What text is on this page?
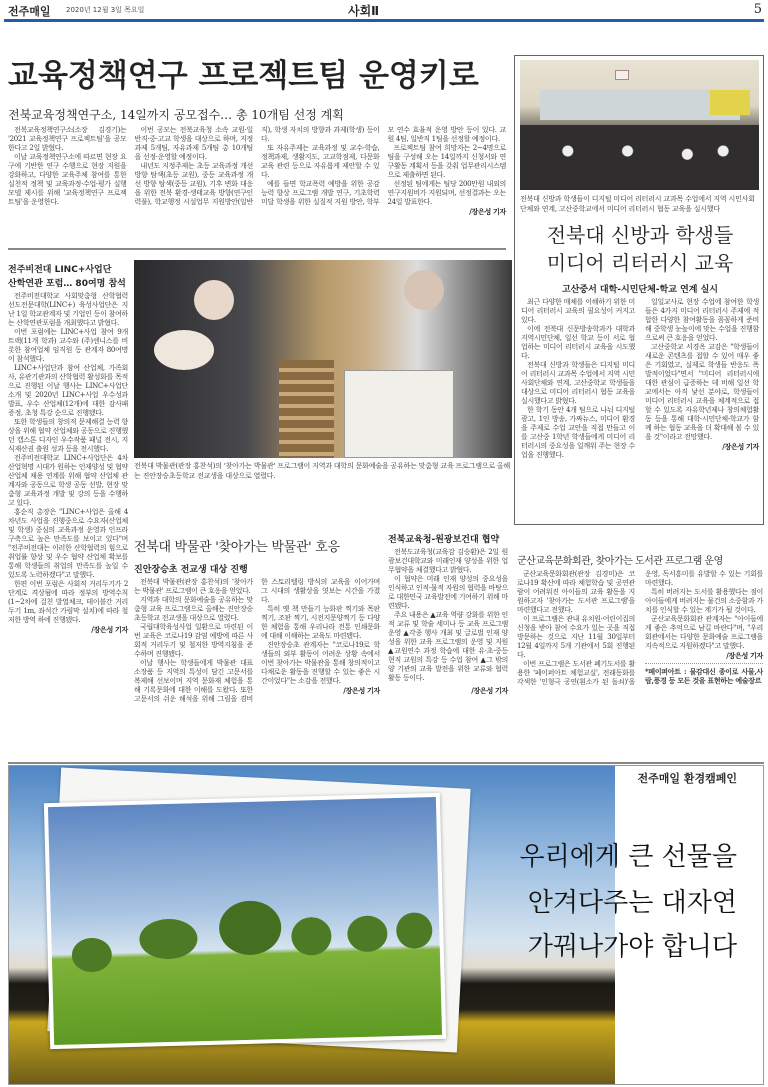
전주매일 2020년 12월 3일 목요일	사회Ⅱ	5
교육정책연구 프로젝트팀 운영키로
전북교육정책연구소, 14일까지 공모접수… 총 10개팀 선정 계획

전북교육정책연구소(소장 김경기)는 '2021 교육정책연구 프로젝트팀'을 공모한다고 2일 밝혔다.

이날 교육정책연구소에 따르면 현장 요구에 기반한 연구 수행으로 현장 지원을 강화하고, 다양한 교육주체 참여를 통한 실천적 정책 및 교육과정·수업·평가 실행 모델 제시를 위해 '교육정책연구 프로젝트팀'을 운영한다.

이번 공모는 전북교육청 소속 교원·일반직·중·고교 학생을 대상으로 하며, 지정과제 5개팀, 자유과제 5개팀 총 10개팀을 선정·운영할 예정이다.

내년도 지정주제는 초등 교육과정 개선 방향 탐색(초등 교원), 중등 교육과정 개선 방향 탐색(중등 교원), 기후 변화 대응을 위한 전북 환경·생태교육 방향(연구인력풀), 학교행정 시설업무 지원방안(일반직), 학생 자치의 방향과 과제(학생) 등이다.

또 자유주제는 교육과정 및 교수·학습, 정책과제, 생활지도, 고교학점제, 다문화교육 관련 등으로 자유롭게 제안할 수 있다.

예를 들면 학교폭력 예방을 위한 공감능력 향상 프로그램 개발 연구, 기초학력 미달 학생을 위한 실질적 지원 방안, 학부모 연수 효율적 운영 방안 등이 있다. 교원 4팀, 일반직 1팀을 선정할 예정이다.

프로젝트팀 참여 희망자는 2~4명으로 팀을 구성해 오는 14일까지 신청서와 연구활동 계획서 등을 갖춰 업무관리시스템으로 제출하면 된다.

선정된 팀에게는 팀당 200만원 내외의 연구지원비가 지원되며, 선정결과는 오는 24일 발표한다.

/장은성 기자
전북대 신방과 학생들이 디지털 미디어 리터러시 교과목 수업에서 지역 시민사회단체와 연계, 고산중학교에서 미디어 리터러시 협동 교육을 실시했다
전북대 신방과 학생들
미디어 리터러시 교육
고산중서 대학-시민단체-학교 연계 실시

최근 다양한 매체를 이해하기 위한 미디어 리터러시 교육의 필요성이 커지고 있다.

이에 전북대 신문방송학과가 대학과 지역시민단체, 일선 학교 등이 서로 협업하는 미디어 리터러시 교육을 시도했다.

전북대 신방과 학생들은 디지털 미디어 리터러시 교과목 수업에서 지역 시민사회단체와 연계, 고산중학교 학생들을 대상으로 미디어 리터러시 협동 교육을 실시했다고 밝혔다.

한 학기 동안 4개 팀으로 나눠 디지털 광고, 1인 방송, 가짜뉴스, 미디어 환경을 주제로 수업 교안을 직접 만들고 이를 고산중 1학년 학생들에게 미디어 리터러시의 중요성을 일깨워 주는 현장 수업을 진행했다.

일일교사로 현장 수업에 참여한 학생들은 4가지 미디어 리터러시 주제에 적합한 다양한 참여활동을 꼼꼼하게 준비해 중학생 눈높이에 맞는 수업을 진행함으로써 큰 호응을 얻었다.

고산중학교 서경옥 교감은 "학생들이 새로운 콘텐츠를 접할 수 있어 매우 좋은 기회였고, 실제로 학생들 반응도 폭발적이었다"면서 "미디어 리터러시에 대한 관심이 급증하는 데 비해 일선 학교에서는 아직 낯선 분야로, 학생들이 미디어 리터러시 교육을 체계적으로 접할 수 있도록 자유학년제나 창의체험활동 등을 통해 대학-시민단체-학교가 함께 하는 협동 교육을 더 확대해 볼 수 있을 것"이라고 전망했다.

/장은성 기자
전주비전대 LINC+사업단
산학연관 포럼… 80여명 참석

전주비전대학교 사회맞춤형 산학협력 선도전문대학(LINC+) 육성사업단은 지난 1일 학교관계자 및 기업인 등이 참여하는 산학연관포럼을 개최했다고 밝혔다.

이번 포럼에는 LINC+사업 참여 9개 트랙(11개 학과) 교수와 (주)센니스를 비롯한 참여업체 임직원 등 관계자 80여명이 참석했다.

LINC+사업단과 참여 산업체, 가족회사, 유관기관과의 산학협력 활성화를 목적으로 진행된 이날 행사는 LINC+사업단 소개 및 2020년 LINC+사업 우수성과 발표, 우수 산업체(12개)에 대한 감사패 증정, 초청 특강 순으로 진행됐다.

또한 학생들의 창의적 문제해결 능력 향상을 위해 협약 산업체와 공동으로 진행했던 캡스톤 디자인 우수작품 패널 전시, 지식재산권 출원 성과 등을 전시했다.

전주비전대학교 LINC+사업단은 4차 산업혁명 시대가 원하는 인재양성 및 협약산업체 채용 연계를 위해 협약 산업체 관계자와 공동으로 학생 공동 선발, 현장 맞춤형 교육과정 개발 및 강의 등을 수행하고 있다.

홍순직 총장은 "LINC+사업은 올해 4차년도 사업을 진행중으로 수요자(산업체 및 학생) 중심의 교육과정 운영과 인프라 구축으로 높은 만족도를 보이고 있다"며 "전주비전대는 이러한 산학협력의 힘으로 취업률 향상 및 우수 협약 산업체 확보를 통해 학생들의 취업의 만족도를 높일 수 있도록 노력하겠다"고 말했다.

한편 이번 포럼은 사회적 거리두기가 2단계로 격상됨에 따라 정부의 방역수칙(1~2차에 걸친 발열체크, 테이블간 거리두기 1m, 좌석간 가림막 설치)에 따라 철저한 방역 하에 진행됐다.

/장은성 기자
전북대 박물관(관장 홍찬석)의 '찾아가는 박물관' 프로그램이 지역과 대학의 문화예술을 공유하는 맞춤형 교육 프로그램으로 올해는 진안장승초등학교 전교생을 대상으로 열렸다.
전북대 박물관 '찾아가는 박물관' 호응
진안장승초 전교생 대상 진행

전북대 박물관(관장 홍찬석)의 '찾아가는 박물관' 프로그램이 큰 호응을 얻었다.

지역과 대학의 문화예술을 공유하는 맞춤형 교육 프로그램으로 올해는 진안장승초등학교 전교생을 대상으로 열렸다.

국립대학육성사업 일환으로 마련된 이번 교육은 코로나19 감염 예방에 따른 사회적 거리두기 및 철저한 방역지침을 준수하며 진행됐다.

이날 행사는 학생들에게 박물관 대표 소장품 등 지역의 특성이 담긴 고문서를 복제해 선보이며 지역 문화재 체험을 통해 기록문화에 대한 이해를 도왔다. 또한 고문서의 쉬운 해석을 위해 그림을 겸비한 스토리텔링 방식의 교육을 이어가며 그 시대의 생활상을 엿보는 시간을 가졌다.

특히 옛 책 만들기 능화판 찍기와 목판 찍기, 조판 찍기, 시전지문양찍기 등 다양한 체험을 통해 우리나라 전통 인쇄문화에 대해 이해하는 교육도 마련됐다.

진안장승초 관계자는 "코로나19로 학생들의 외부 활동이 어려운 상황 속에서 이번 찾아가는 박물관을 통해 창의적이고 다채로운 활동을 진행할 수 있는 좋은 시간이었다"는 소감을 전했다.

/장은성 기자
전북교육청-원광보건대 협약

전북도교육청(교육감 김승환)은 2일 원광보건대학교와 미래인재 양성을 위한 업무협약을 체결했다고 밝혔다.

이 협약은 미래 인재 양성의 중요성을 인식하고 인적·물적 자원의 협력을 바탕으로 대한민국 교육발전에 기여하기 위해 마련됐다.

주요 내용은 ▲교육 역량 강화를 위한 인적 교류 및 학술 세미나 등 교육 프로그램 운영 ▲각종 행사 개최 및 글로벌 인재 양성을 위한 교육 프로그램의 운영 및 지원 ▲교원연수 과정 학습에 대한 유·초·중등 현직 교원의 특강 등 수업 참여 ▲그 밖의 양 기관의 교육 발전을 위한 교류와 협력 활동 등이다.

/장은성 기자
군산교육문화회관, 찾아가는 도서관 프로그램 운영

군산교육문화회관(관장 김경미)은 코로나19 확산에 따라 체험학습 및 공연관람이 어려워진 아이들의 교육 활동을 지원하고자 '찾아가는 도서관 프로그램'을 마련했다고 전했다.

이 프로그램은 관내 유치원·어린이집의 신청을 받아 참여 수요가 있는 곳을 직접 방문하는 것으로 지난 11월 30일부터 12월 4일까지 5개 기관에서 5회 진행된다.

이번 프로그램은 도서관 폐기도서를 활용한 '페이퍼아트 체험교실', 전래동화를 각색한 '인형극 공연(흰소가 된 돌쇠)'을 운영, 독서흥미를 유발할 수 있는 기회를 마련했다.

특히 버려지는 도서를 활용했다는 점이 아이들에게 버려지는 물건의 소중함과 가치를 인식할 수 있는 계기가 될 것이다.

군산교육문화회관 관계자는 "아이들에게 좋은 추억으로 남길 바란다"며, "우리 회관에서는 다양한 문화예술 프로그램을 지속적으로 지원하겠다"고 말했다.

/장은성 기자
*페이퍼아트 : 물감대신 종이로 사물,사람,풍경 등 모든 것을 표현하는 예술장르
전주매일 환경캠페인
우리에게 큰 선물을
안겨다주는 대자연
가꿔나가야 합니다
